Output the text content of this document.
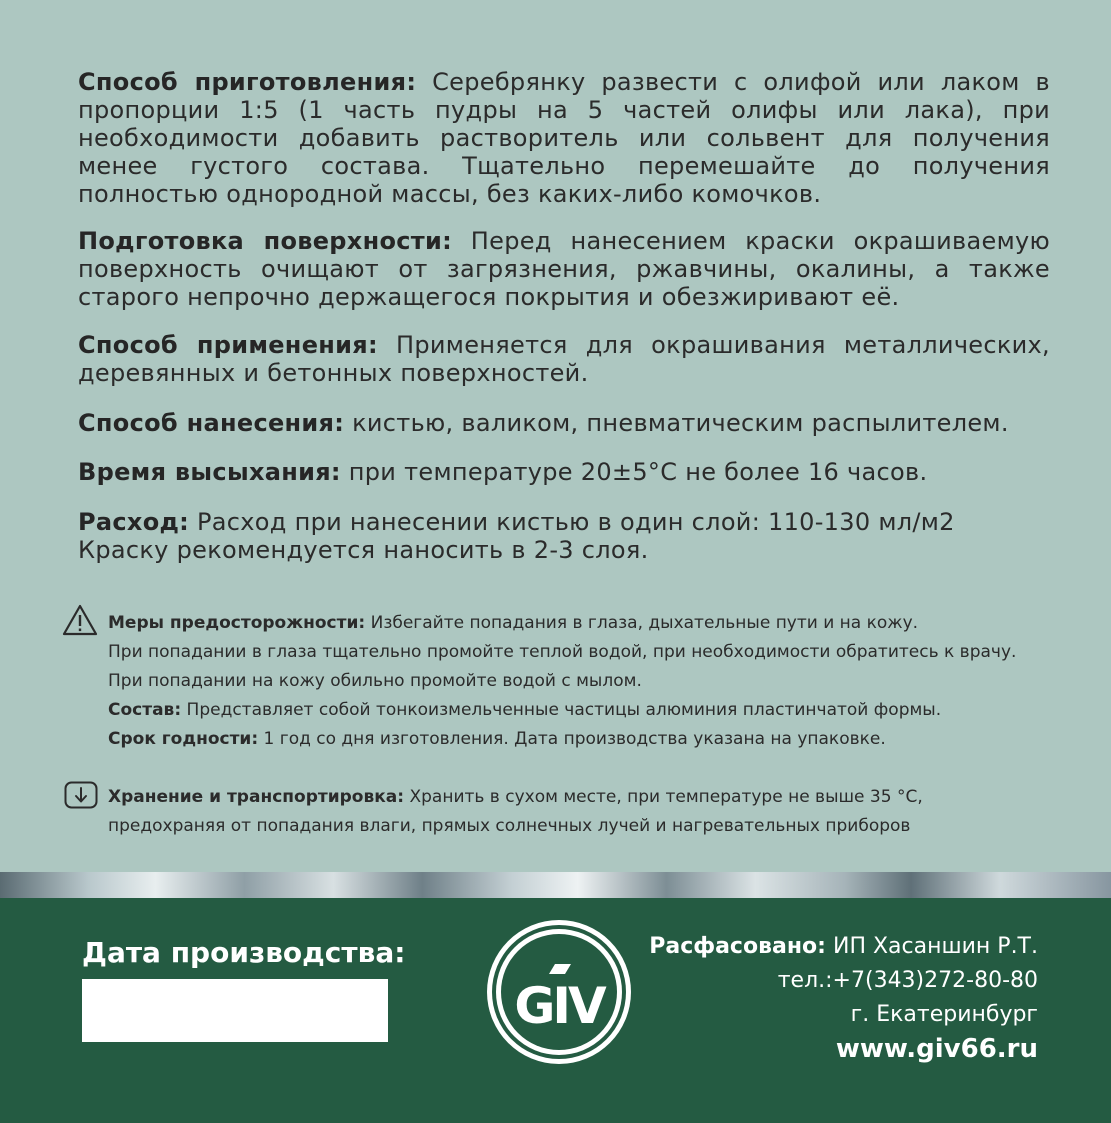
Способ приготовления: Серебрянку развести с олифой или лаком в пропорции 1:5 (1 часть пудры на 5 частей олифы или лака), при необходимости добавить растворитель или сольвент для получения менее густого состава. Тщательно перемешайте до получения полностью однородной массы, без каких-либо комочков.
Подготовка поверхности: Перед нанесением краски окрашиваемую поверхность очищают от загрязнения, ржавчины, окалины, а также старого непрочно держащегося покрытия и обезжиривают её.
Способ применения: Применяется для окрашивания металлических, деревянных и бетонных поверхностей.
Способ нанесения: кистью, валиком, пневматическим распылителем.
Время высыхания: при температуре 20±5°С не более 16 часов.
Расход: Расход при нанесении кистью в один слой: 110-130 мл/м2
Краску рекомендуется наносить в 2-3 слоя.
Меры предосторожности: Избегайте попадания в глаза, дыхательные пути и на кожу.
При попадании в глаза тщательно промойте теплой водой, при необходимости обратитесь к врачу.
При попадании на кожу обильно промойте водой с мылом.
Состав: Представляет собой тонкоизмельченные частицы алюминия пластинчатой формы.
Срок годности: 1 год со дня изготовления. Дата производства указана на упаковке.
Хранение и транспортировка: Хранить в сухом месте, при температуре не выше 35 °С,
предохраняя от попадания влаги, прямых солнечных лучей и нагревательных приборов
Дата производства:
GIV
Расфасовано: ИП Хасаншин Р.Т.
тел.:+7(343)272-80-80
г. Екатеринбург
www.giv66.ru
